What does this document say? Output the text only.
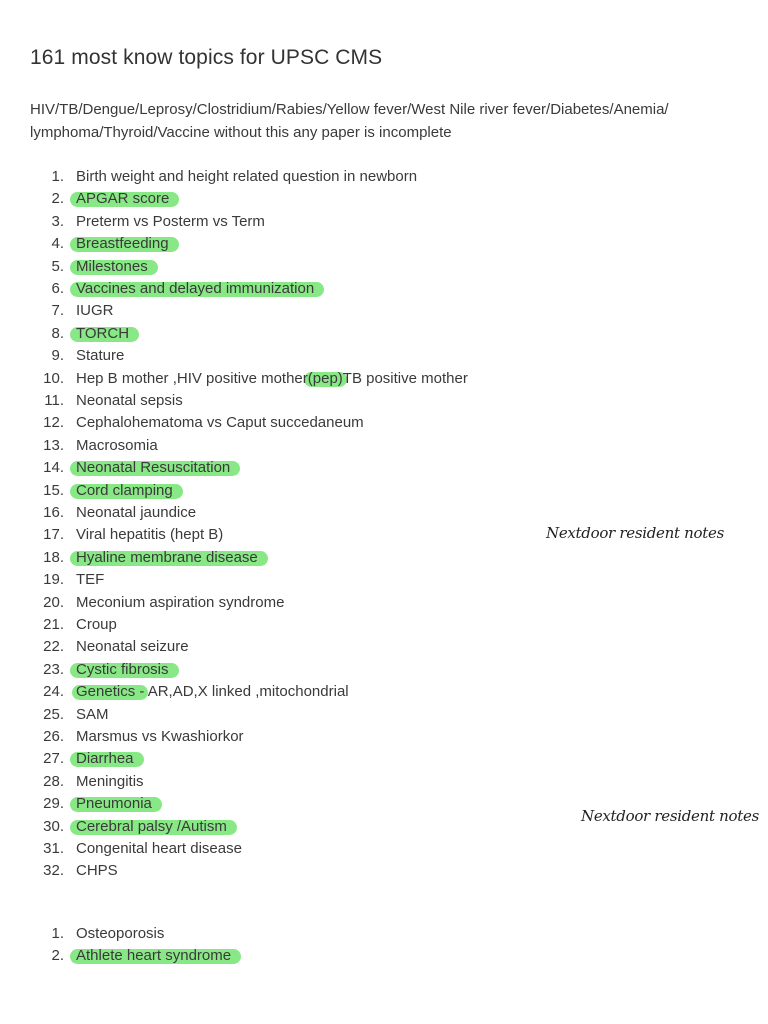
161 most know topics for UPSC CMS
HIV/TB/Dengue/Leprosy/Clostridium/Rabies/Yellow fever/West Nile river fever/Diabetes/Anemia/ lymphoma/Thyroid/Vaccine without this any paper is incomplete
1. Birth weight and height related question in newborn
2. APGAR score
3. Preterm vs Posterm vs Term
4. Breastfeeding
5. Milestones
6. Vaccines and delayed immunization
7. IUGR
8. TORCH
9. Stature
10. Hep B mother ,HIV positive mother(pep)TB positive mother
11. Neonatal sepsis
12. Cephalohematoma vs Caput succedaneum
13. Macrosomia
14. Neonatal Resuscitation
15. Cord clamping
16. Neonatal jaundice
17. Viral hepatitis (hept B)
18. Hyaline membrane disease
19. TEF
20. Meconium aspiration syndrome
21. Croup
22. Neonatal seizure
23. Cystic fibrosis
24. Genetics - AR,AD,X linked ,mitochondrial
25. SAM
26. Marsmus vs Kwashiorkor
27. Diarrhea
28. Meningitis
29. Pneumonia
30. Cerebral palsy /Autism
31. Congenital heart disease
32. CHPS
1. Osteoporosis
2. Athlete heart syndrome
Nextdoor resident notes
Nextdoor resident notes
